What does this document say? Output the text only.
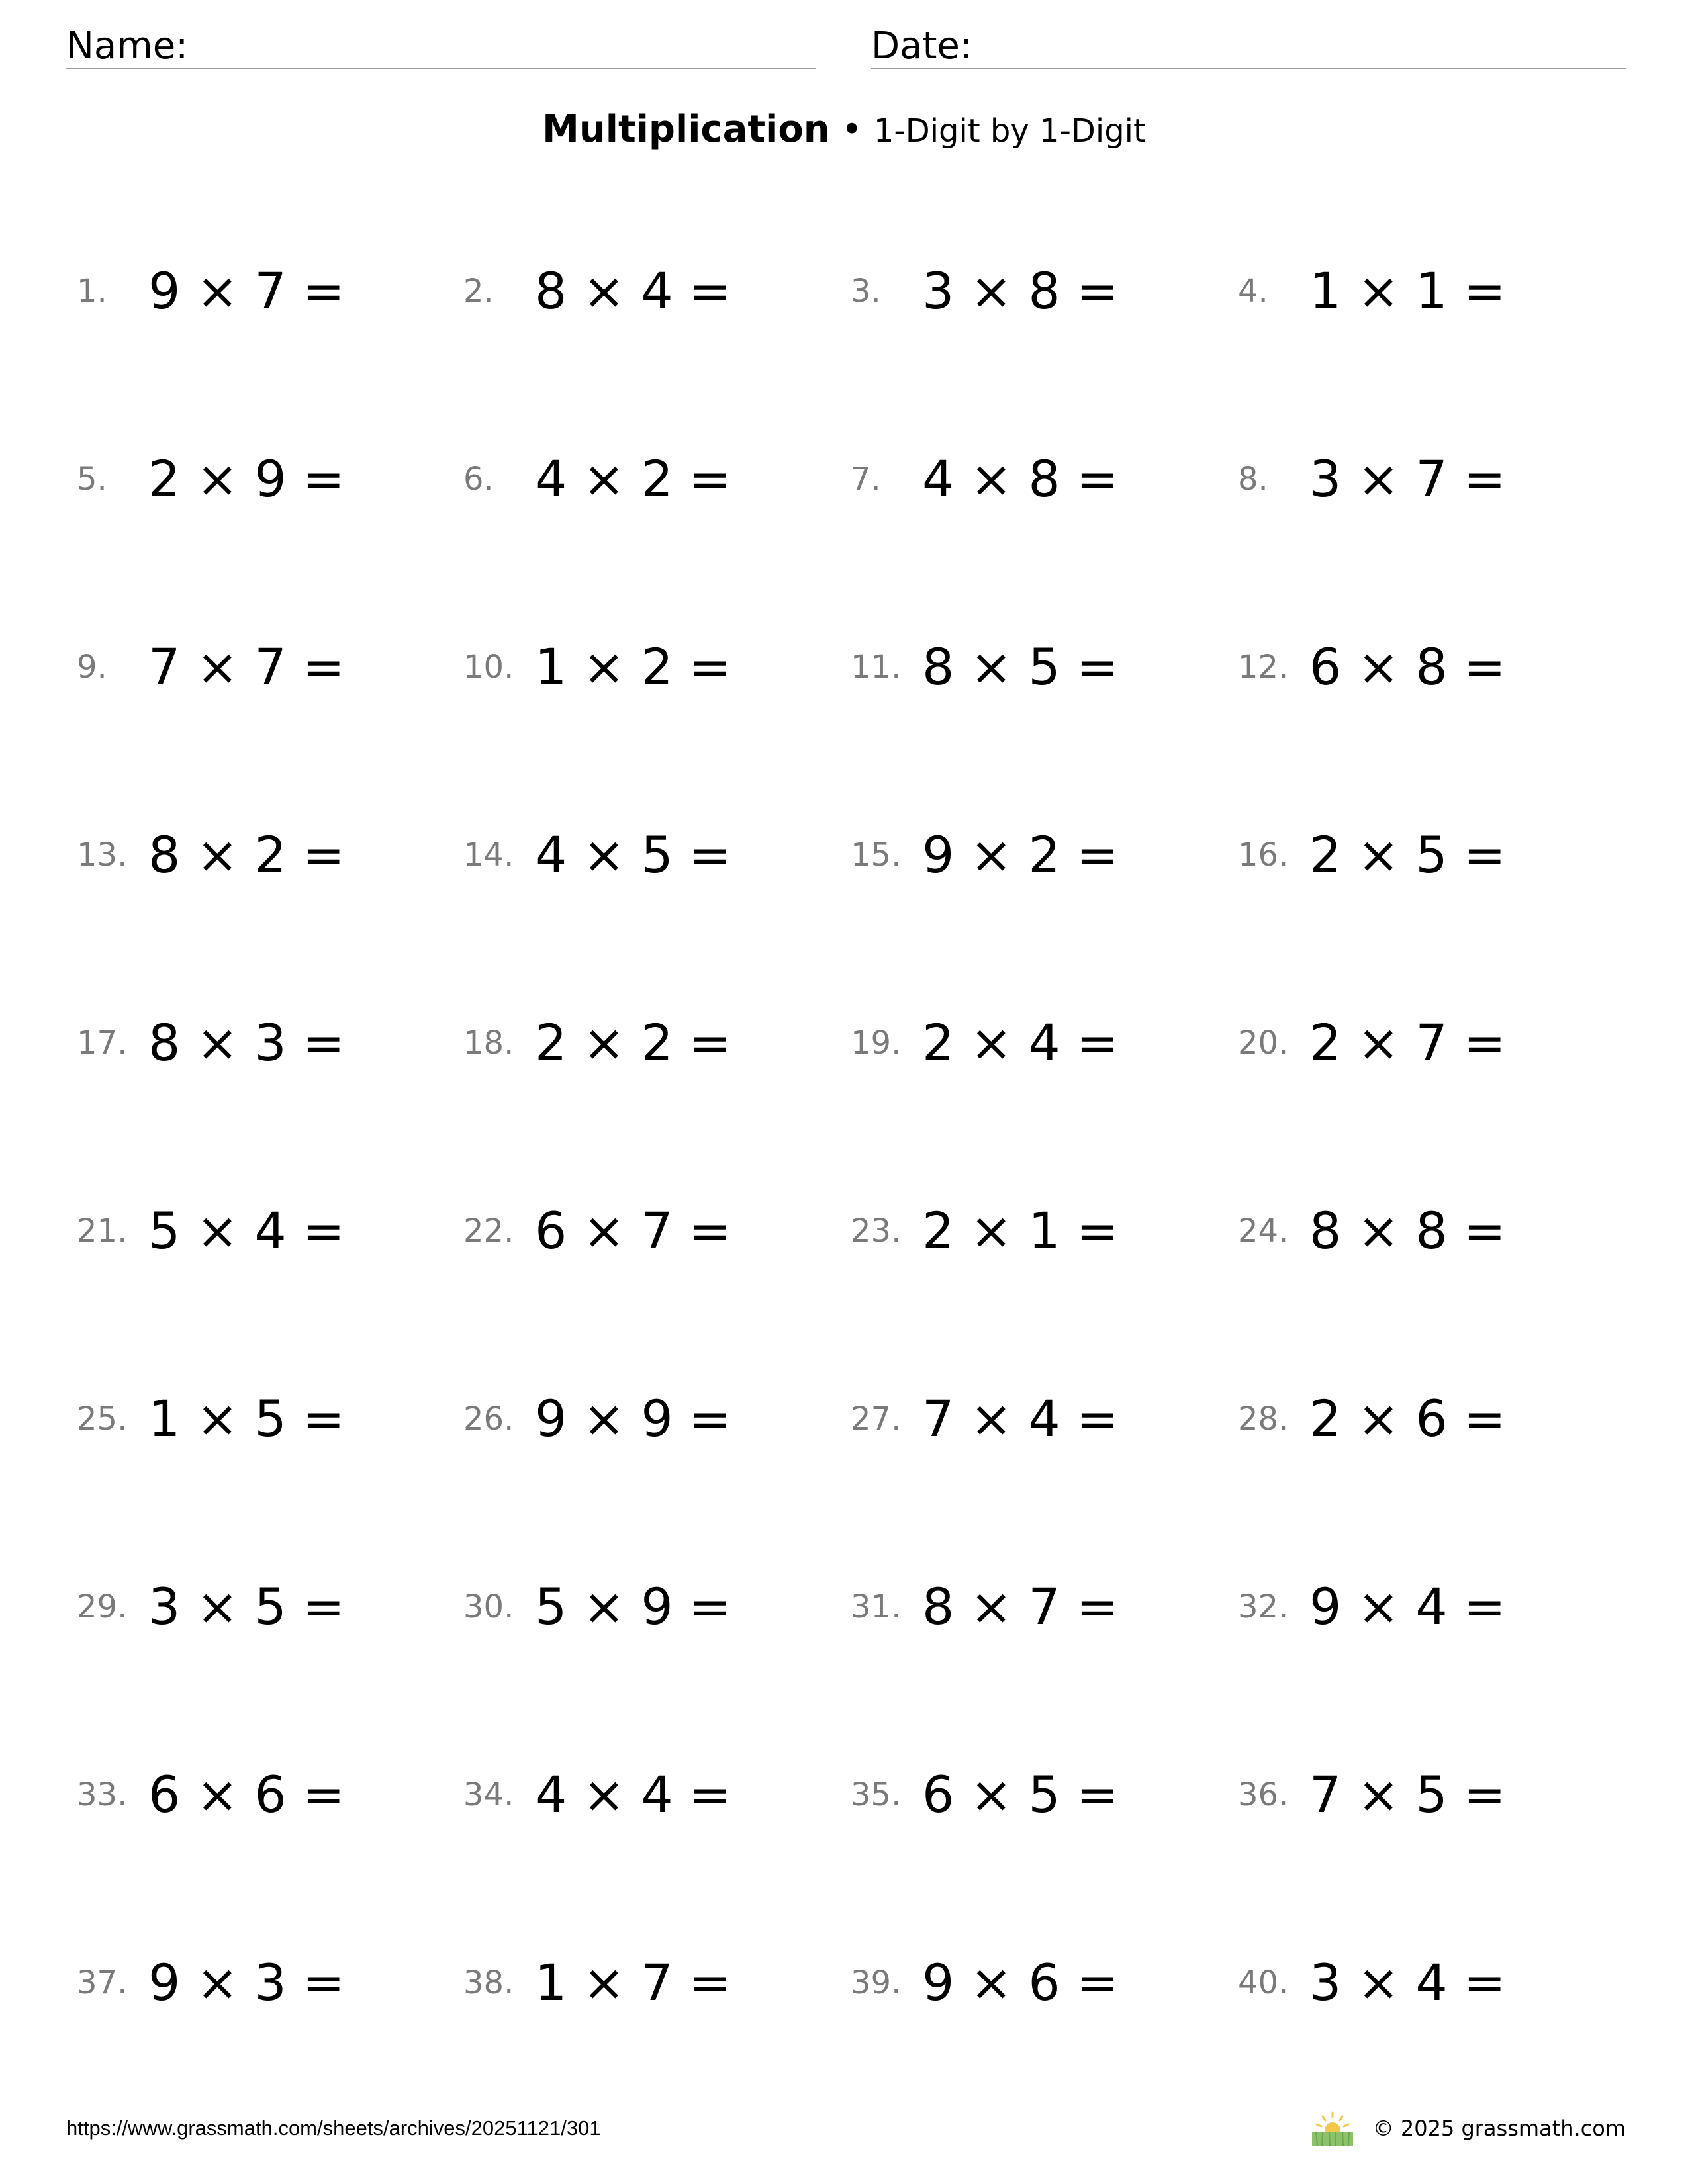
Name:	Date:
Multiplication • 1-Digit by 1-Digit
1. 9 × 7 =	2. 8 × 4 =	3. 3 × 8 =	4. 1 × 1 =
5. 2 × 9 =	6. 4 × 2 =	7. 4 × 8 =	8. 3 × 7 =
9. 7 × 7 =	10. 1 × 2 =	11. 8 × 5 =	12. 6 × 8 =
13. 8 × 2 =	14. 4 × 5 =	15. 9 × 2 =	16. 2 × 5 =
17. 8 × 3 =	18. 2 × 2 =	19. 2 × 4 =	20. 2 × 7 =
21. 5 × 4 =	22. 6 × 7 =	23. 2 × 1 =	24. 8 × 8 =
25. 1 × 5 =	26. 9 × 9 =	27. 7 × 4 =	28. 2 × 6 =
29. 3 × 5 =	30. 5 × 9 =	31. 8 × 7 =	32. 9 × 4 =
33. 6 × 6 =	34. 4 × 4 =	35. 6 × 5 =	36. 7 × 5 =
37. 9 × 3 =	38. 1 × 7 =	39. 9 × 6 =	40. 3 × 4 =
https://www.grassmath.com/sheets/archives/20251121/301	© 2025 grassmath.com
